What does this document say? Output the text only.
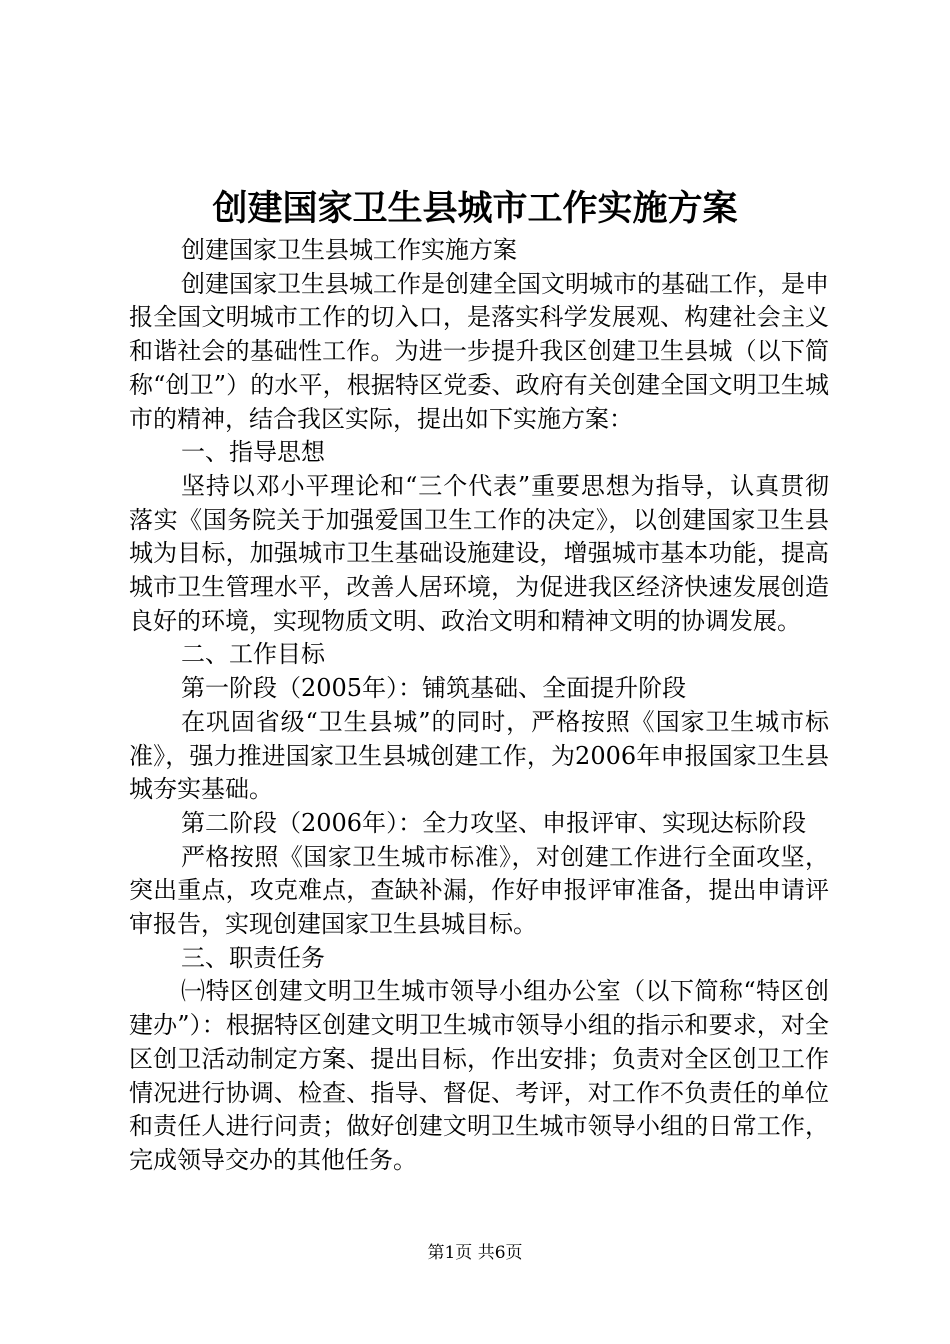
创建国家卫生县城市工作实施方案

创建国家卫生县城工作实施方案

创建国家卫生县城工作是创建全国文明城市的基础工作，是申报全国文明城市工作的切入口，是落实科学发展观、构建社会主义和谐社会的基础性工作。为进一步提升我区创建卫生县城（以下简称“创卫”）的水平，根据特区党委、政府有关创建全国文明卫生城市的精神，结合我区实际，提出如下实施方案：

一、指导思想

坚持以邓小平理论和“三个代表”重要思想为指导，认真贯彻落实《国务院关于加强爱国卫生工作的决定》，以创建国家卫生县城为目标，加强城市卫生基础设施建设，增强城市基本功能，提高城市卫生管理水平，改善人居环境，为促进我区经济快速发展创造良好的环境，实现物质文明、政治文明和精神文明的协调发展。

二、工作目标

第一阶段（2005年）：铺筑基础、全面提升阶段

在巩固省级“卫生县城”的同时，严格按照《国家卫生城市标准》，强力推进国家卫生县城创建工作，为2006年申报国家卫生县城夯实基础。

第二阶段（2006年）：全力攻坚、申报评审、实现达标阶段

严格按照《国家卫生城市标准》，对创建工作进行全面攻坚，突出重点，攻克难点，查缺补漏，作好申报评审准备，提出申请评审报告，实现创建国家卫生县城目标。

三、职责任务

㈠特区创建文明卫生城市领导小组办公室（以下简称“特区创建办”）：根据特区创建文明卫生城市领导小组的指示和要求，对全区创卫活动制定方案、提出目标，作出安排；负责对全区创卫工作情况进行协调、检查、指导、督促、考评，对工作不负责任的单位和责任人进行问责；做好创建文明卫生城市领导小组的日常工作，完成领导交办的其他任务。

第1页 共6页
